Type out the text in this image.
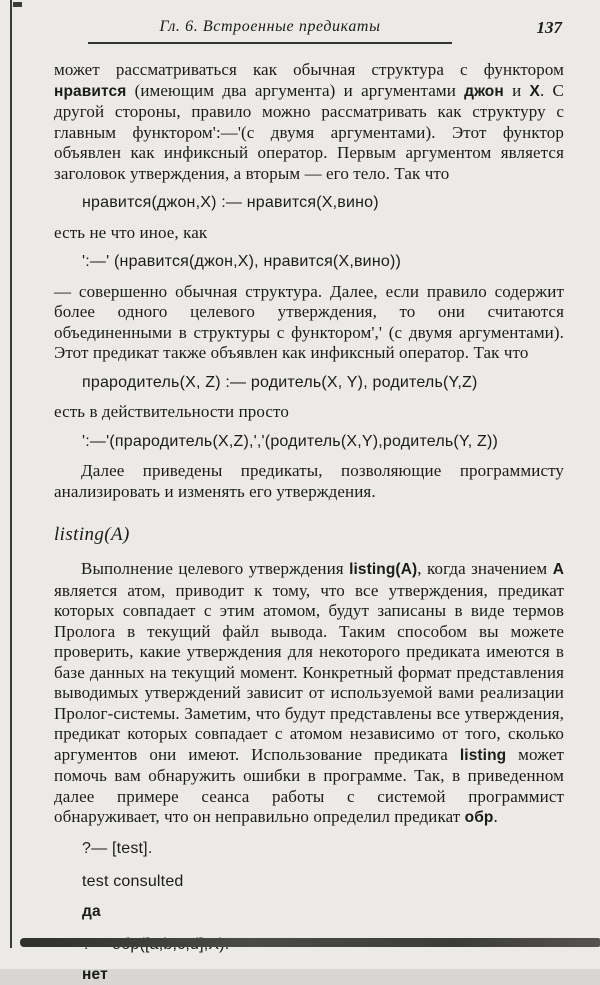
Гл. 6. Встроенные предикаты	137

может рассматриваться как обычная структура с функтором нравится (имеющим два аргумента) и аргументами джон и X. С другой стороны, правило можно рассматривать как структуру с главным функтором':—'(с двумя аргументами). Этот функтор объявлен как инфиксный оператор. Первым аргументом является заголовок утверждения, а вторым — его тело. Так что

нравится(джон,X) :— нравится(X,вино)

есть не что иное, как

':—' (нравится(джон,X), нравится(X,вино))

— совершенно обычная структура. Далее, если правило содержит более одного целевого утверждения, то они считаются объединенными в структуры с функтором',' (с двумя аргументами). Этот предикат также объявлен как инфиксный оператор. Так что

прародитель(X, Z) :— родитель(X, Y), родитель(Y,Z)

есть в действительности просто

':—'(прародитель(X,Z),','(родитель(X,Y),родитель(Y, Z))

Далее приведены предикаты, позволяющие программисту анализировать и изменять его утверждения.

listing(A)

Выполнение целевого утверждения listing(A), когда значением A является атом, приводит к тому, что все утверждения, предикат которых совпадает с этим атомом, будут записаны в виде термов Пролога в текущий файл вывода. Таким способом вы можете проверить, какие утверждения для некоторого предиката имеются в базе данных на текущий момент. Конкретный формат представления выводимых утверждений зависит от используемой вами реализации Пролог-системы. Заметим, что будут представлены все утверждения, предикат которых совпадает с атомом независимо от того, сколько аргументов они имеют. Использование предиката listing может помочь вам обнаружить ошибки в программе. Так, в приведенном далее примере сеанса работы с системой программист обнаруживает, что он неправильно определил предикат обр.

?— [test].

test consulted

да

нет
